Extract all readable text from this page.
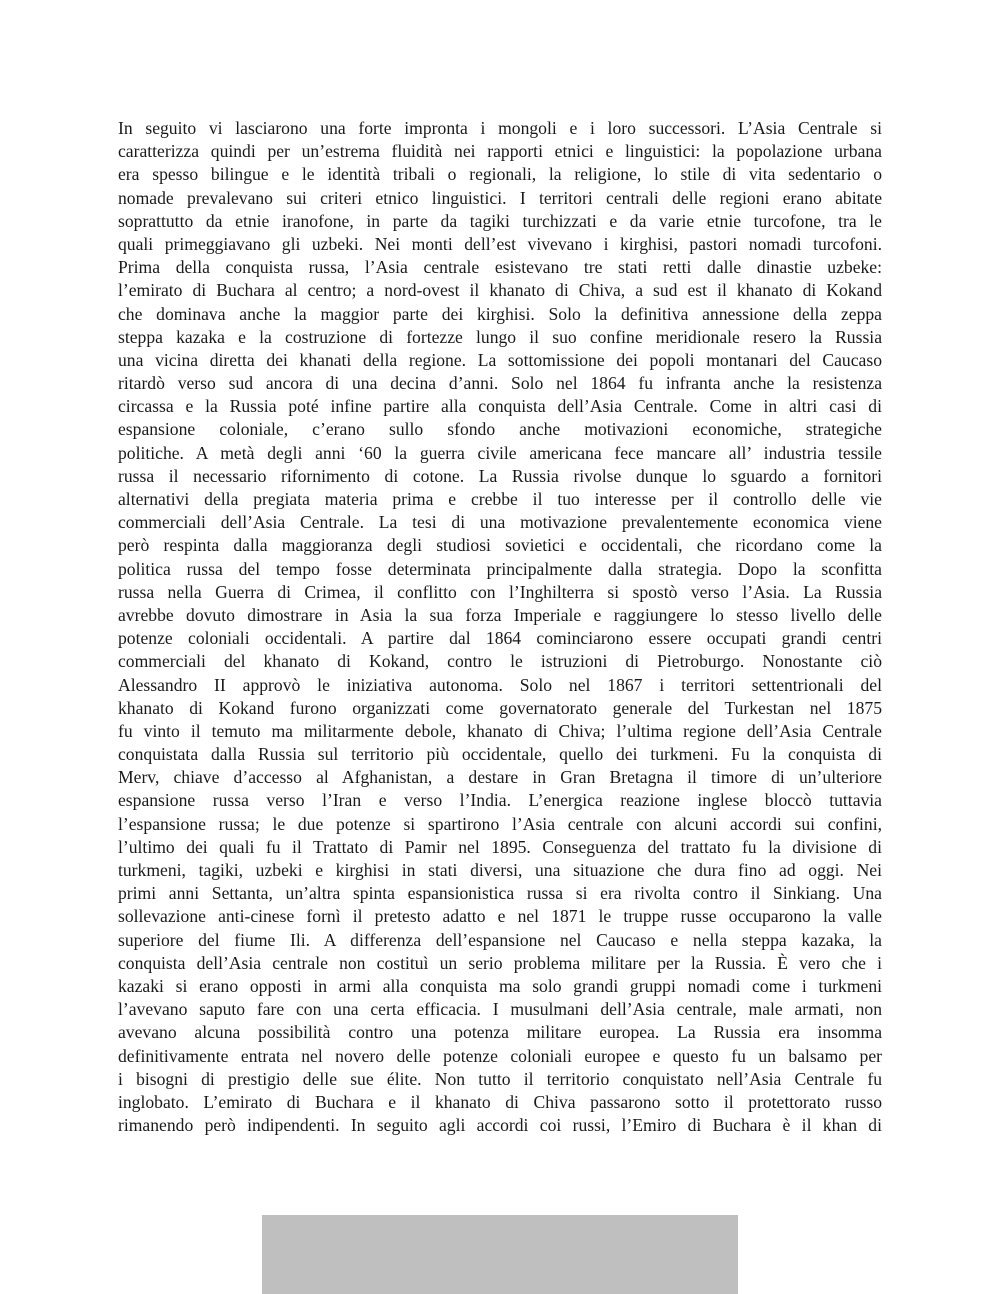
In seguito vi lasciarono una forte impronta i mongoli e i loro successori. L’Asia Centrale si
caratterizza quindi per un’estrema fluidità nei rapporti etnici e linguistici: la popolazione urbana
era spesso bilingue e le identità tribali o regionali, la religione, lo stile di vita sedentario o
nomade prevalevano sui criteri etnico linguistici. I territori centrali delle regioni erano abitate
soprattutto da etnie iranofone, in parte da tagiki turchizzati e da varie etnie turcofone, tra le
quali primeggiavano gli uzbeki. Nei monti dell’est vivevano i kirghisi, pastori nomadi turcofoni.
Prima della conquista russa, l’Asia centrale esistevano tre stati retti dalle dinastie uzbeke:
l’emirato di Buchara al centro; a nord-ovest il khanato di Chiva, a sud est il khanato di Kokand
che dominava anche la maggior parte dei kirghisi. Solo la definitiva annessione della zeppa
steppa kazaka e la costruzione di fortezze lungo il suo confine meridionale resero la Russia
una vicina diretta dei khanati della regione. La sottomissione dei popoli montanari del Caucaso
ritardò verso sud ancora di una decina d’anni. Solo nel 1864 fu infranta anche la resistenza
circassa e la Russia poté infine partire alla conquista dell’Asia Centrale. Come in altri casi di
espansione coloniale, c’erano sullo sfondo anche motivazioni economiche, strategiche
politiche. A metà degli anni ‘60 la guerra civile americana fece mancare all’ industria tessile
russa il necessario rifornimento di cotone. La Russia rivolse dunque lo sguardo a fornitori
alternativi della pregiata materia prima e crebbe il tuo interesse per il controllo delle vie
commerciali dell’Asia Centrale. La tesi di una motivazione prevalentemente economica viene
però respinta dalla maggioranza degli studiosi sovietici e occidentali, che ricordano come la
politica russa del tempo fosse determinata principalmente dalla strategia. Dopo la sconfitta
russa nella Guerra di Crimea, il conflitto con l’Inghilterra si spostò verso l’Asia. La Russia
avrebbe dovuto dimostrare in Asia la sua forza Imperiale e raggiungere lo stesso livello delle
potenze coloniali occidentali. A partire dal 1864 cominciarono essere occupati grandi centri
commerciali del khanato di Kokand, contro le istruzioni di Pietroburgo. Nonostante ciò
Alessandro II approvò le iniziativa autonoma. Solo nel 1867 i territori settentrionali del
khanato di Kokand furono organizzati come governatorato generale del Turkestan nel 1875
fu vinto il temuto ma militarmente debole, khanato di Chiva; l’ultima regione dell’Asia Centrale
conquistata dalla Russia sul territorio più occidentale, quello dei turkmeni. Fu la conquista di
Merv, chiave d’accesso al Afghanistan, a destare in Gran Bretagna il timore di un’ulteriore
espansione russa verso l’Iran e verso l’India. L’energica reazione inglese bloccò tuttavia
l’espansione russa; le due potenze si spartirono l’Asia centrale con alcuni accordi sui confini,
l’ultimo dei quali fu il Trattato di Pamir nel 1895. Conseguenza del trattato fu la divisione di
turkmeni, tagiki, uzbeki e kirghisi in stati diversi, una situazione che dura fino ad oggi. Nei
primi anni Settanta, un’altra spinta espansionistica russa si era rivolta contro il Sinkiang. Una
sollevazione anti-cinese fornì il pretesto adatto e nel 1871 le truppe russe occuparono la valle
superiore del fiume Ili. A differenza dell’espansione nel Caucaso e nella steppa kazaka, la
conquista dell’Asia centrale non costituì un serio problema militare per la Russia. È vero che i
kazaki si erano opposti in armi alla conquista ma solo grandi gruppi nomadi come i turkmeni
l’avevano saputo fare con una certa efficacia. I musulmani dell’Asia centrale, male armati, non
avevano alcuna possibilità contro una potenza militare europea. La Russia era insomma
definitivamente entrata nel novero delle potenze coloniali europee e questo fu un balsamo per
i bisogni di prestigio delle sue élite. Non tutto il territorio conquistato nell’Asia Centrale fu
inglobato. L’emirato di Buchara e il khanato di Chiva passarono sotto il protettorato russo
rimanendo però indipendenti. In seguito agli accordi coi russi, l’Emiro di Buchara è il khan di
